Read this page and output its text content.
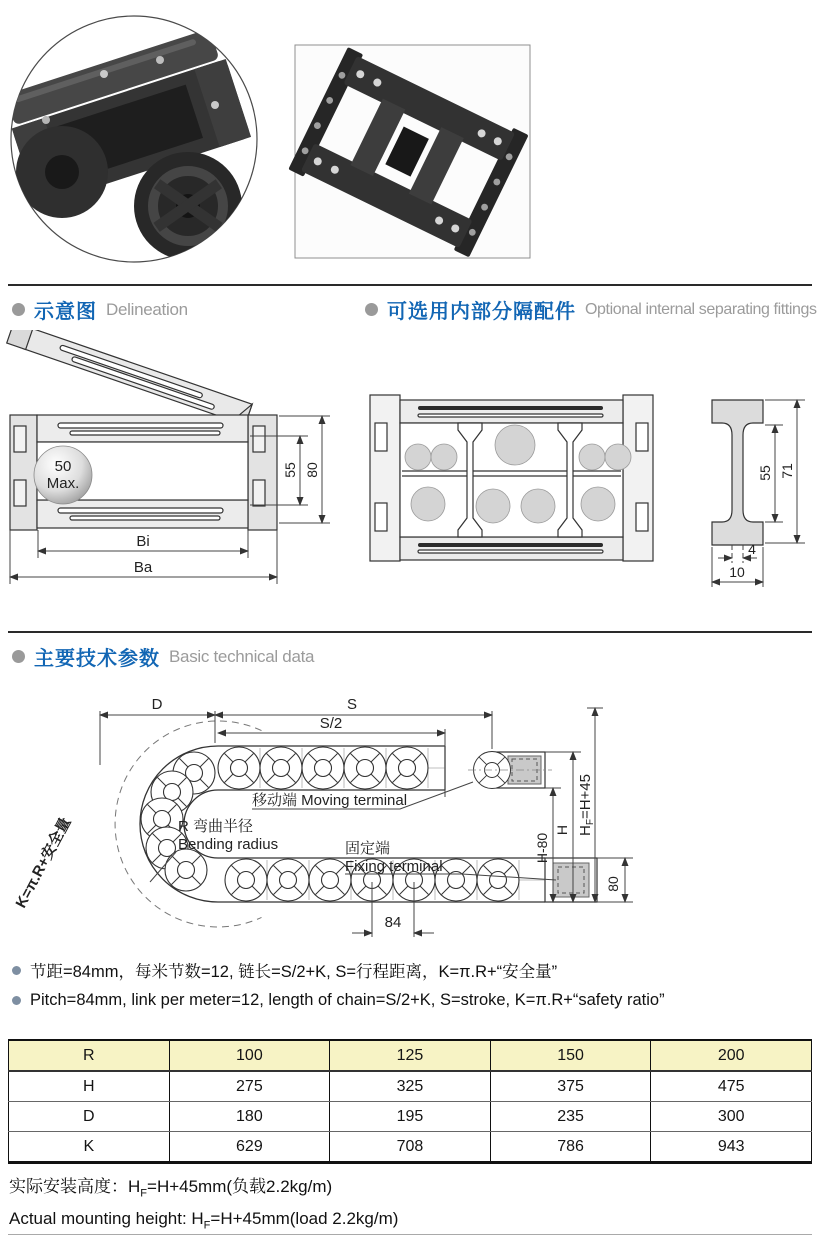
示意图 Delineation	可选用内部分隔配件 Optional internal separating fittings
50
Max.
55 80
Bi
Ba
55 71
4
10
主要技术参数 Basic technical data
D	S
S/2
84
80
H-80
H $H_F=H+45$
K=π.R+安全量
移动端 Moving terminal
R 弯曲半径
Bending radius	固定端
Fixing terminal
节距=84mm，每米节数=12, 链长=S/2+K, S=行程距离，K=π.R+“安全量”
Pitch=84mm, link per meter=12, length of chain=S/2+K, S=stroke, K=π.R+“safety ratio”
R	100	125	150	200
H	275	325	375	475
D	180	195	235	300
K	629	708	786	943
实际安装高度：$H_F=H+45mm$(负载2.2kg/m)
Actual mounting height: $H_F=H+45mm(load$ 2.2kg/m)
